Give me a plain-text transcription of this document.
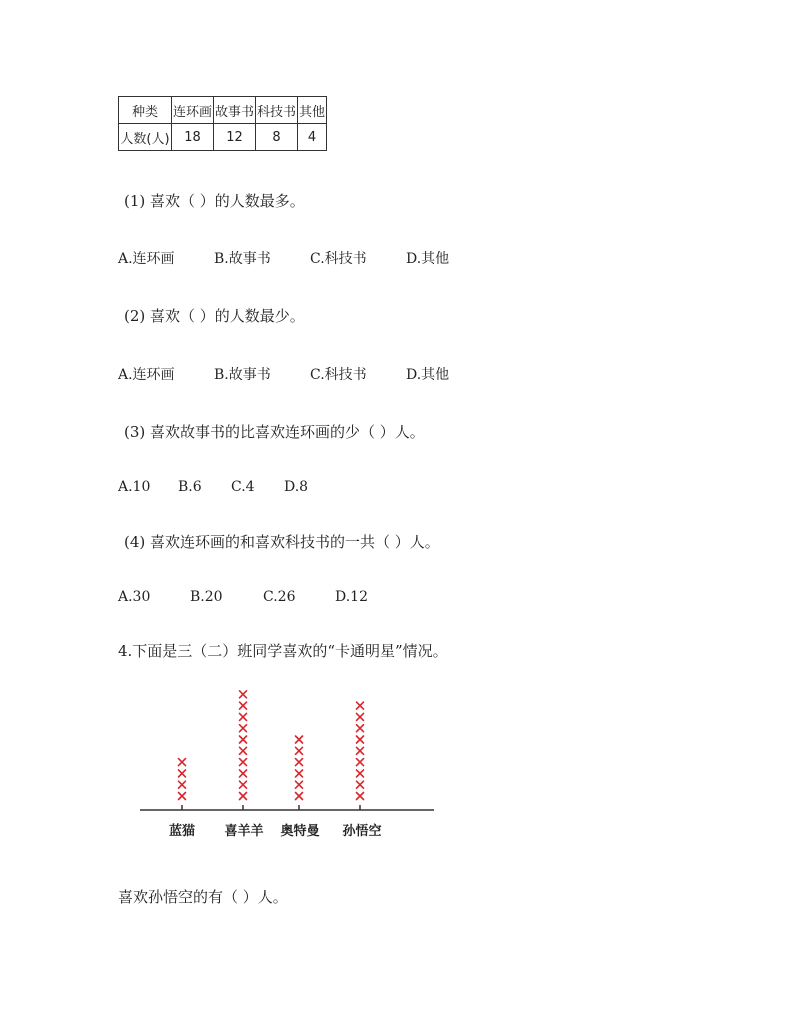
种类	连环画	故事书	科技书	其他
人数(人)	18	12	8	4
(1) 喜欢（ ）的人数最多。
A.连环画	B.故事书	C.科技书	D.其他
(2) 喜欢（ ）的人数最少。
A.连环画	B.故事书	C.科技书	D.其他
(3) 喜欢故事书的比喜欢连环画的少（ ）人。
A.10 B.6 C.4 D.8
(4) 喜欢连环画的和喜欢科技书的一共（ ）人。
A.30	B.20	C.26	D.12
4.下面是三（二）班同学喜欢的“卡通明星”情况。
蓝猫 喜羊羊 奥特曼 孙悟空
喜欢孙悟空的有（ ）人。
